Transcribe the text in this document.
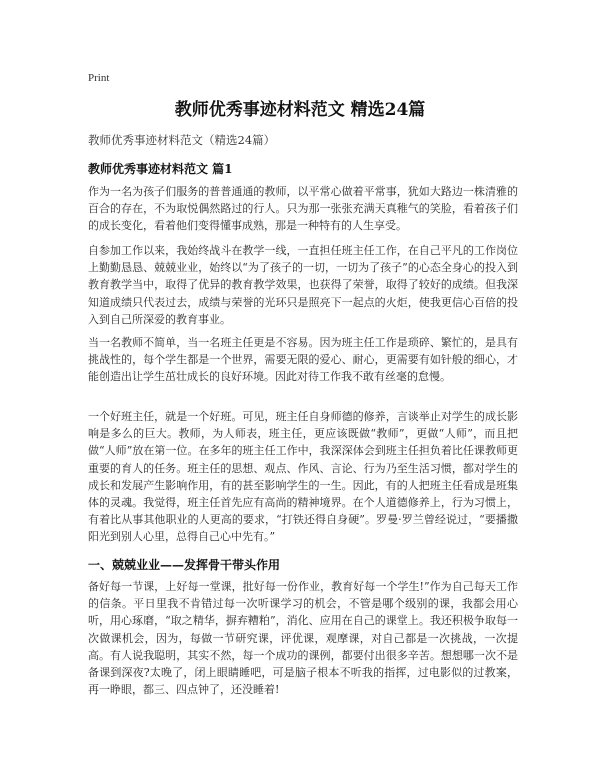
Print
教师优秀事迹材料范文 精选24篇
教师优秀事迹材料范文（精选24篇）
教师优秀事迹材料范文 篇1

作为一名为孩子们服务的普普通通的教师，以平常心做着平常事，犹如大路边一株清雅的百合的存在，不为取悦偶然路过的行人。只为那一张张充满天真稚气的笑脸，看着孩子们的成长变化，看着他们变得懂事成熟，那是一种特有的人生享受。

自参加工作以来，我始终战斗在教学一线，一直担任班主任工作，在自己平凡的工作岗位上勤勤恳恳、兢兢业业，始终以“为了孩子的一切，一切为了孩子”的心态全身心的投入到教育教学当中，取得了优异的教育教学效果，也获得了荣誉，取得了较好的成绩。但我深知道成绩只代表过去，成绩与荣誉的光环只是照亮下一起点的火炬，使我更信心百倍的投入到自己所深爱的教育事业。

当一名教师不简单，当一名班主任更是不容易。因为班主任工作是琐碎、繁忙的，是具有挑战性的，每个学生都是一个世界，需要无限的爱心、耐心，更需要有如针般的细心，才能创造出让学生茁壮成长的良好环境。因此对待工作我不敢有丝毫的怠慢。

一个好班主任，就是一个好班。可见，班主任自身师德的修养，言谈举止对学生的成长影响是多么的巨大。教师，为人师表，班主任，更应该既做“教师”，更做“人师”，而且把做“人师”放在第一位。在多年的班主任工作中，我深深体会到班主任担负着比任课教师更重要的育人的任务。班主任的思想、观点、作风、言论、行为乃至生活习惯，都对学生的成长和发展产生影响作用，有的甚至影响学生的一生。因此，有的人把班主任看成是班集体的灵魂。我觉得，班主任首先应有高尚的精神境界。在个人道德修养上，行为习惯上，有着比从事其他职业的人更高的要求，“打铁还得自身硬”。罗曼·罗兰曾经说过，“要播撒阳光到别人心里，总得自己心中先有。”

一、兢兢业业——发挥骨干带头作用

备好每一节课，上好每一堂课，批好每一份作业，教育好每一个学生!”作为自己每天工作的信条。平日里我不肯错过每一次听课学习的机会，不管是哪个级别的课，我都会用心听，用心琢磨，“取之精华，摒弃糟粕”，消化、应用在自己的课堂上。我还积极争取每一次做课机会，因为，每做一节研究课，评优课，观摩课，对自己都是一次挑战，一次提高。有人说我聪明，其实不然，每一个成功的课例，都要付出很多辛苦。想想哪一次不是备课到深夜?太晚了，闭上眼睛睡吧，可是脑子根本不听我的指挥，过电影似的过教案，再一睁眼，都三、四点钟了，还没睡着!
